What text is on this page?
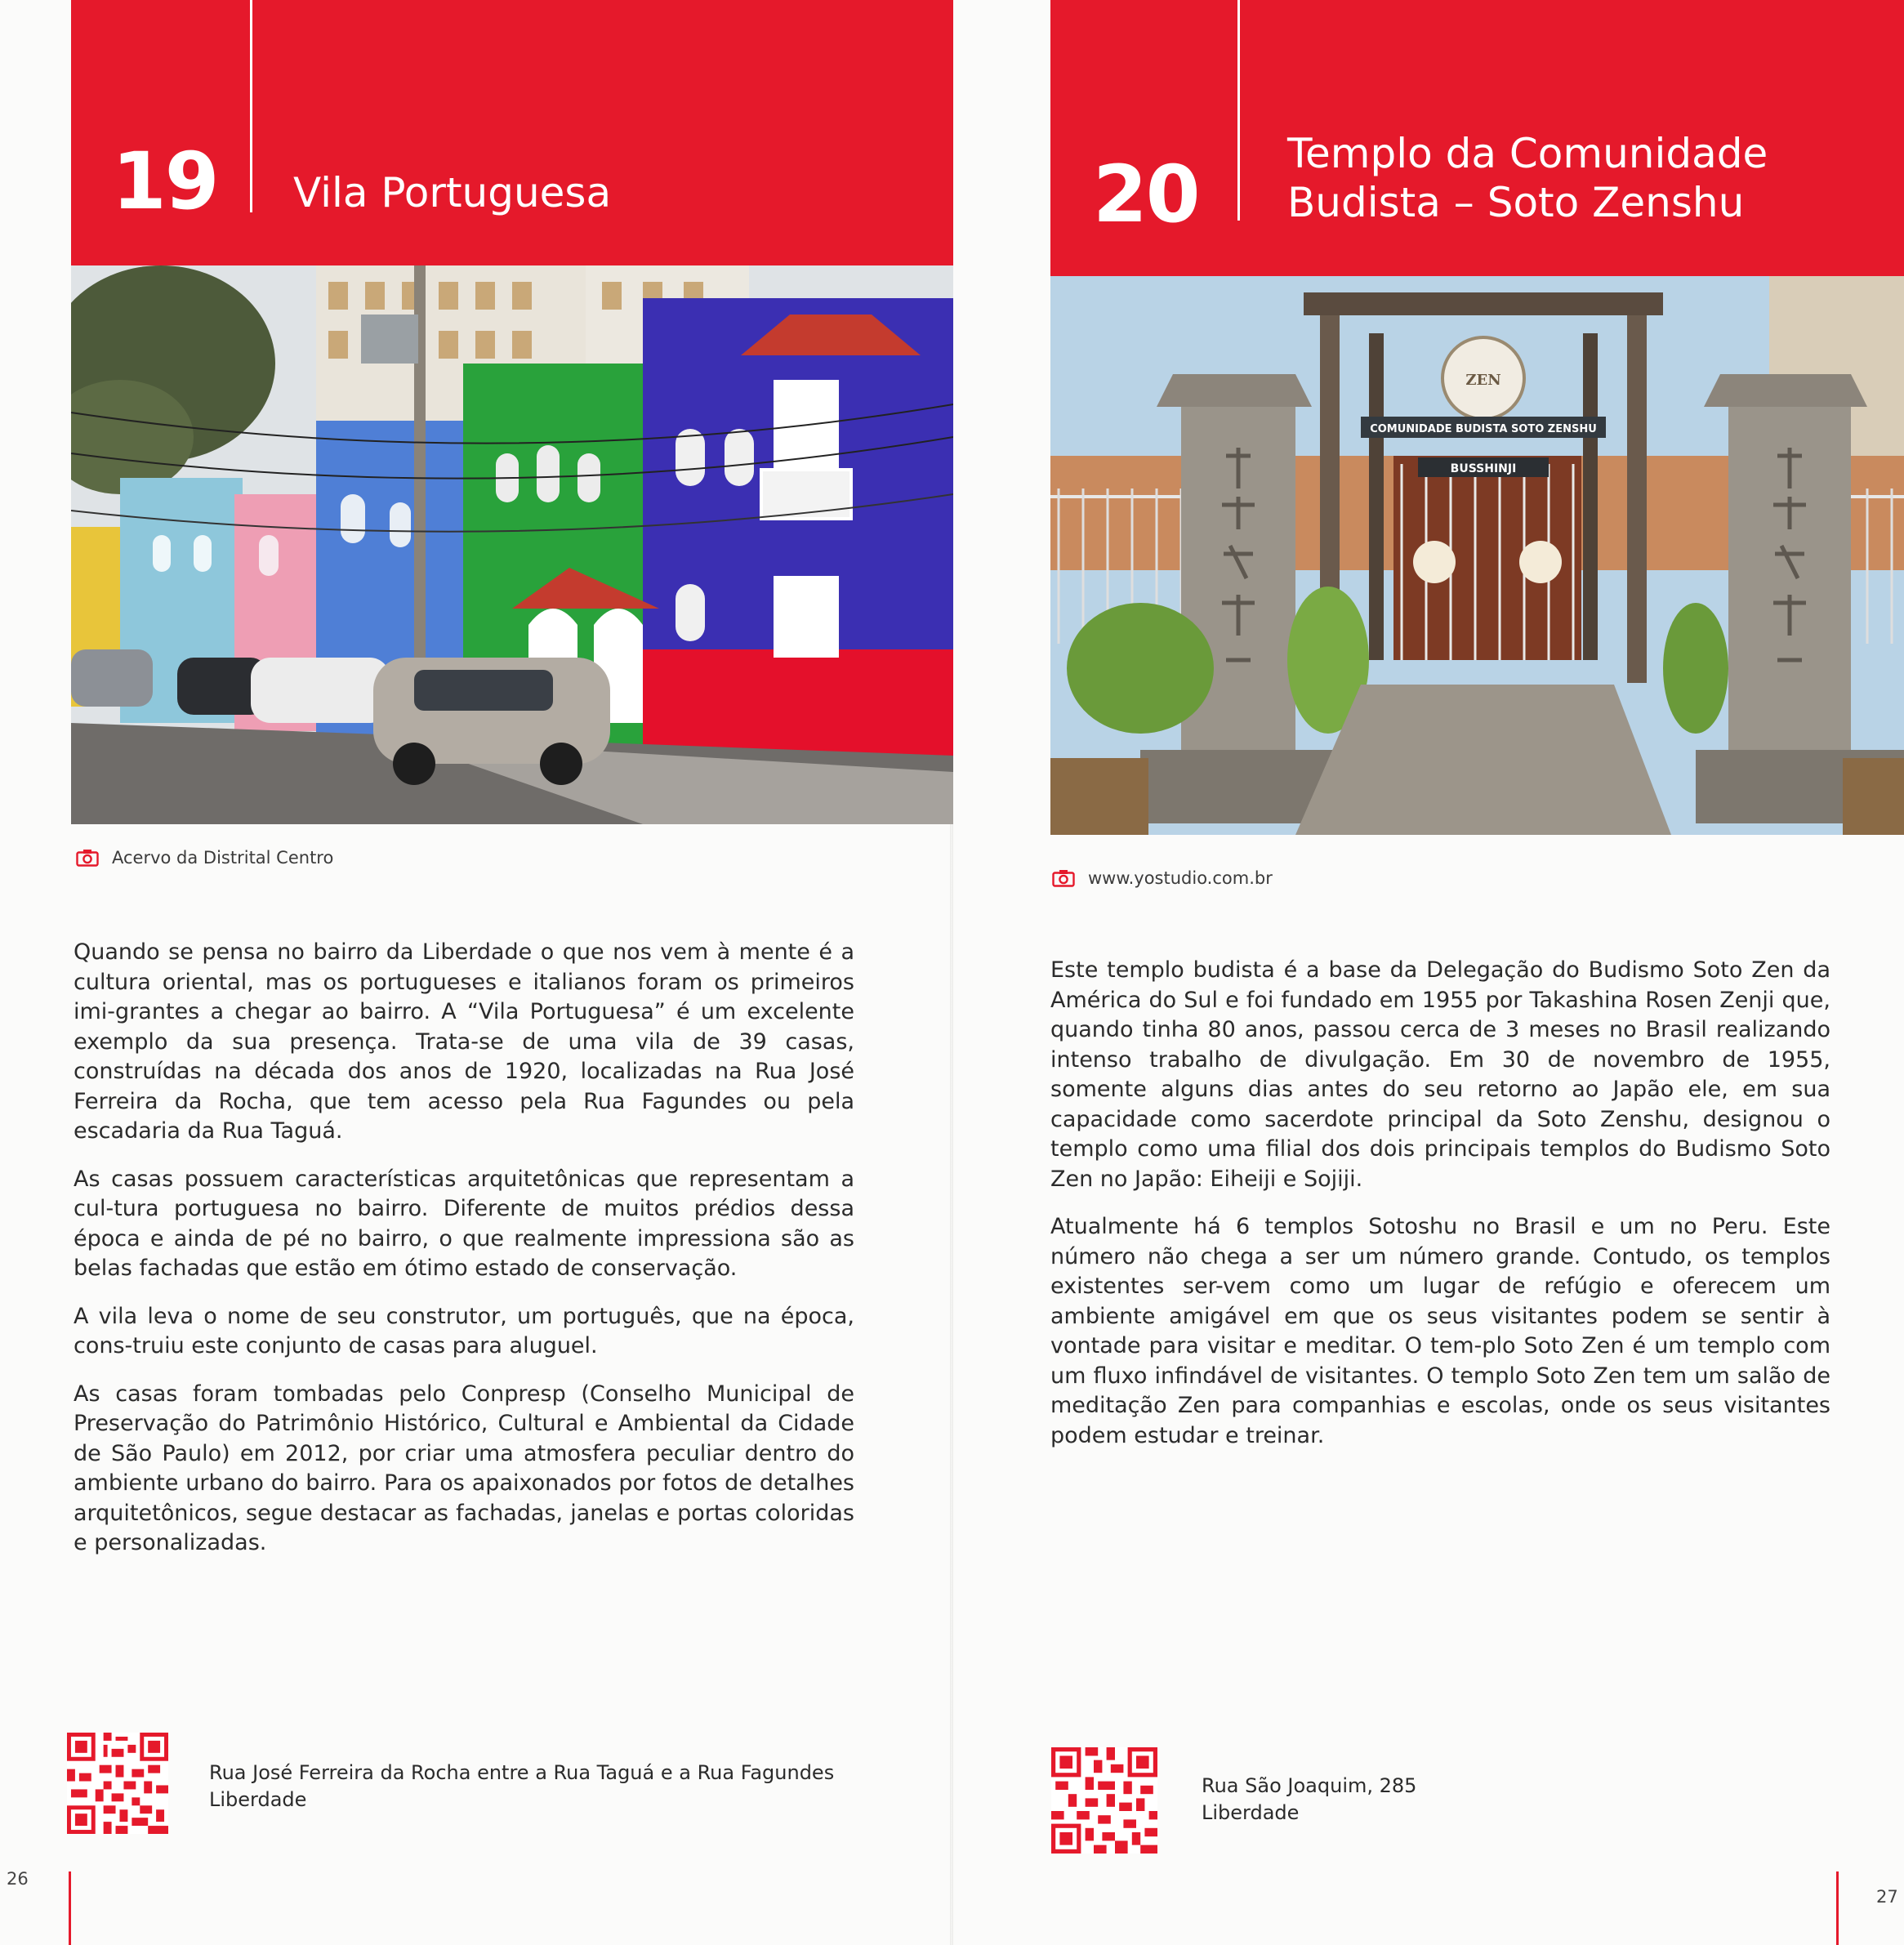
19 Vila Portuguesa
Acervo da Distrital Centro

Quando se pensa no bairro da Liberdade o que nos vem à mente é a cultura oriental, mas os portugueses e italianos foram os primeiros imi-grantes a chegar ao bairro. A “Vila Portuguesa” é um excelente exemplo da sua presença. Trata-se de uma vila de 39 casas, construídas na década dos anos de 1920, localizadas na Rua José Ferreira da Rocha, que tem acesso pela Rua Fagundes ou pela escadaria da Rua Taguá.

As casas possuem características arquitetônicas que representam a cul-tura portuguesa no bairro. Diferente de muitos prédios dessa época e ainda de pé no bairro, o que realmente impressiona são as belas fachadas que estão em ótimo estado de conservação.

A vila leva o nome de seu construtor, um português, que na época, cons-truiu este conjunto de casas para aluguel.

As casas foram tombadas pelo Conpresp (Conselho Municipal de Preservação do Patrimônio Histórico, Cultural e Ambiental da Cidade de São Paulo) em 2012, por criar uma atmosfera peculiar dentro do ambiente urbano do bairro. Para os apaixonados por fotos de detalhes arquitetônicos, segue destacar as fachadas, janelas e portas coloridas e personalizadas.

Rua José Ferreira da Rocha entre a Rua Taguá e a Rua Fagundes
Liberdade
26
20 Templo da Comunidade
Budista – Soto Zenshu
ZEN
COMUNIDADE BUDISTA SOTO ZENSHU
BUSSHINJI
www.yostudio.com.br

Este templo budista é a base da Delegação do Budismo Soto Zen da América do Sul e foi fundado em 1955 por Takashina Rosen Zenji que, quando tinha 80 anos, passou cerca de 3 meses no Brasil realizando intenso trabalho de divulgação. Em 30 de novembro de 1955, somente alguns dias antes do seu retorno ao Japão ele, em sua capacidade como sacerdote principal da Soto Zenshu, designou o templo como uma filial dos dois principais templos do Budismo Soto Zen no Japão: Eiheiji e Sojiji.

Atualmente há 6 templos Sotoshu no Brasil e um no Peru. Este número não chega a ser um número grande. Contudo, os templos existentes ser-vem como um lugar de refúgio e oferecem um ambiente amigável em que os seus visitantes podem se sentir à vontade para visitar e meditar. O tem-plo Soto Zen é um templo com um fluxo infindável de visitantes. O templo Soto Zen tem um salão de meditação Zen para companhias e escolas, onde os seus visitantes podem estudar e treinar.

Rua São Joaquim, 285
Liberdade
27
